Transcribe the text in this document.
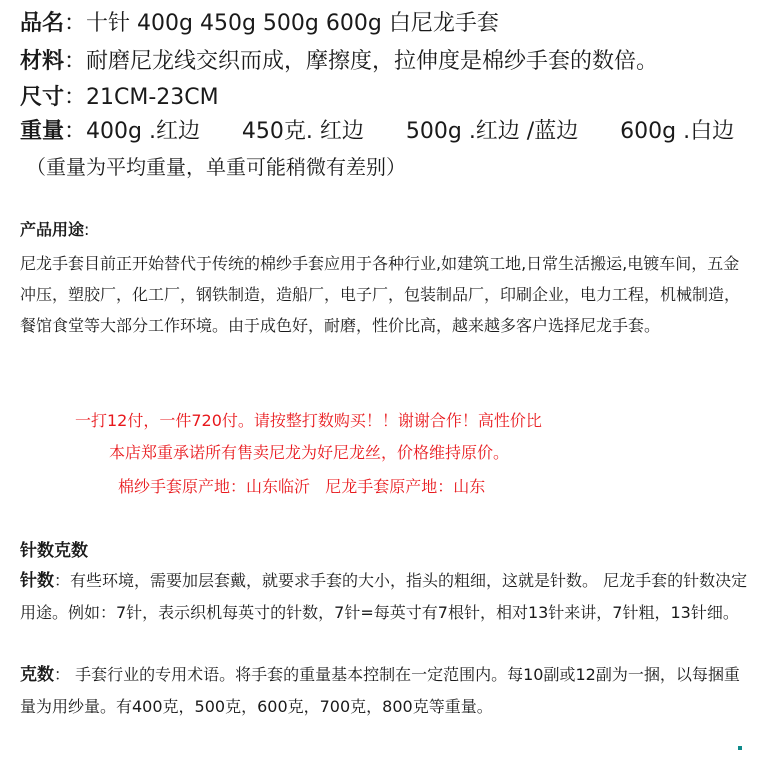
品名：十针 400g 450g 500g 600g 白尼龙手套
材料：耐磨尼龙线交织而成，摩擦度，拉伸度是棉纱手套的数倍。
尺寸：21CM-23CM
重量：400g .红边      450克. 红边      500g .红边 /蓝边      600g .白边
（重量为平均重量，单重可能稍微有差别）
产品用途:
尼龙手套目前正开始替代于传统的棉纱手套应用于各种行业,如建筑工地,日常生活搬运,电镀车间，五金冲压，塑胶厂，化工厂，钢铁制造，造船厂，电子厂，包装制品厂，印刷企业，电力工程，机械制造，餐馆食堂等大部分工作环境。由于成色好，耐磨，性价比高，越来越多客户选择尼龙手套。
一打12付，一件720付。请按整打数购买！！谢谢合作！高性价比
本店郑重承诺所有售卖尼龙为好尼龙丝，价格维持原价。
棉纱手套原产地：山东临沂   尼龙手套原产地：山东
针数克数
针数：有些环境，需要加层套戴，就要求手套的大小，指头的粗细，这就是针数。 尼龙手套的针数决定用途。例如：7针，表示织机每英寸的针数，7针=每英寸有7根针，相对13针来讲，7针粗，13针细。
克数： 手套行业的专用术语。将手套的重量基本控制在一定范围内。每10副或12副为一捆，以每捆重量为用纱量。有400克，500克，600克，700克，800克等重量。
